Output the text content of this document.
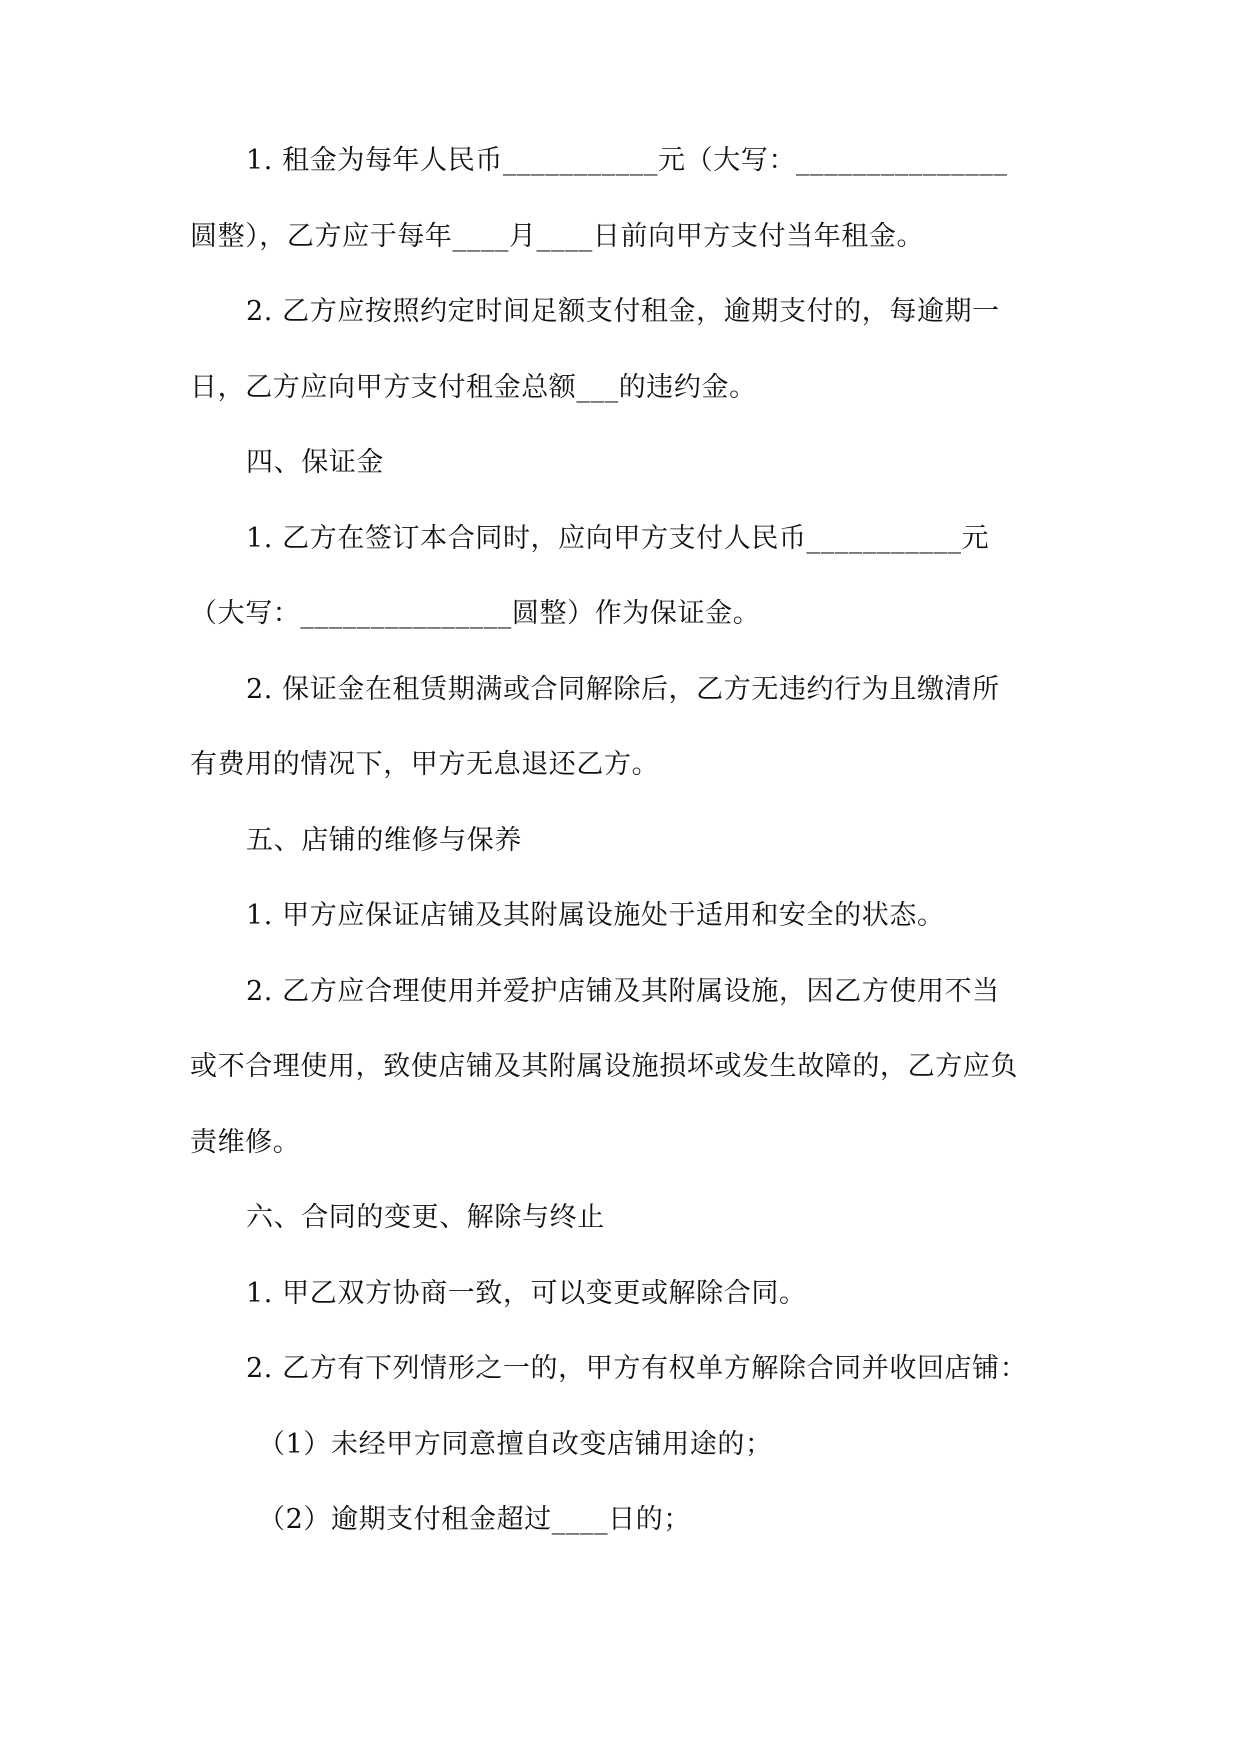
1. 租金为每年人民币___________元（大写：_______________
圆整），乙方应于每年____月____日前向甲方支付当年租金。
2. 乙方应按照约定时间足额支付租金，逾期支付的，每逾期一
日，乙方应向甲方支付租金总额___的违约金。
四、保证金
1. 乙方在签订本合同时，应向甲方支付人民币___________元
（大写：_______________圆整）作为保证金。
2. 保证金在租赁期满或合同解除后，乙方无违约行为且缴清所
有费用的情况下，甲方无息退还乙方。
五、店铺的维修与保养
1. 甲方应保证店铺及其附属设施处于适用和安全的状态。
2. 乙方应合理使用并爱护店铺及其附属设施，因乙方使用不当
或不合理使用，致使店铺及其附属设施损坏或发生故障的，乙方应负
责维修。
六、合同的变更、解除与终止
1. 甲乙双方协商一致，可以变更或解除合同。
2. 乙方有下列情形之一的，甲方有权单方解除合同并收回店铺：
（1）未经甲方同意擅自改变店铺用途的；
（2）逾期支付租金超过____日的；
